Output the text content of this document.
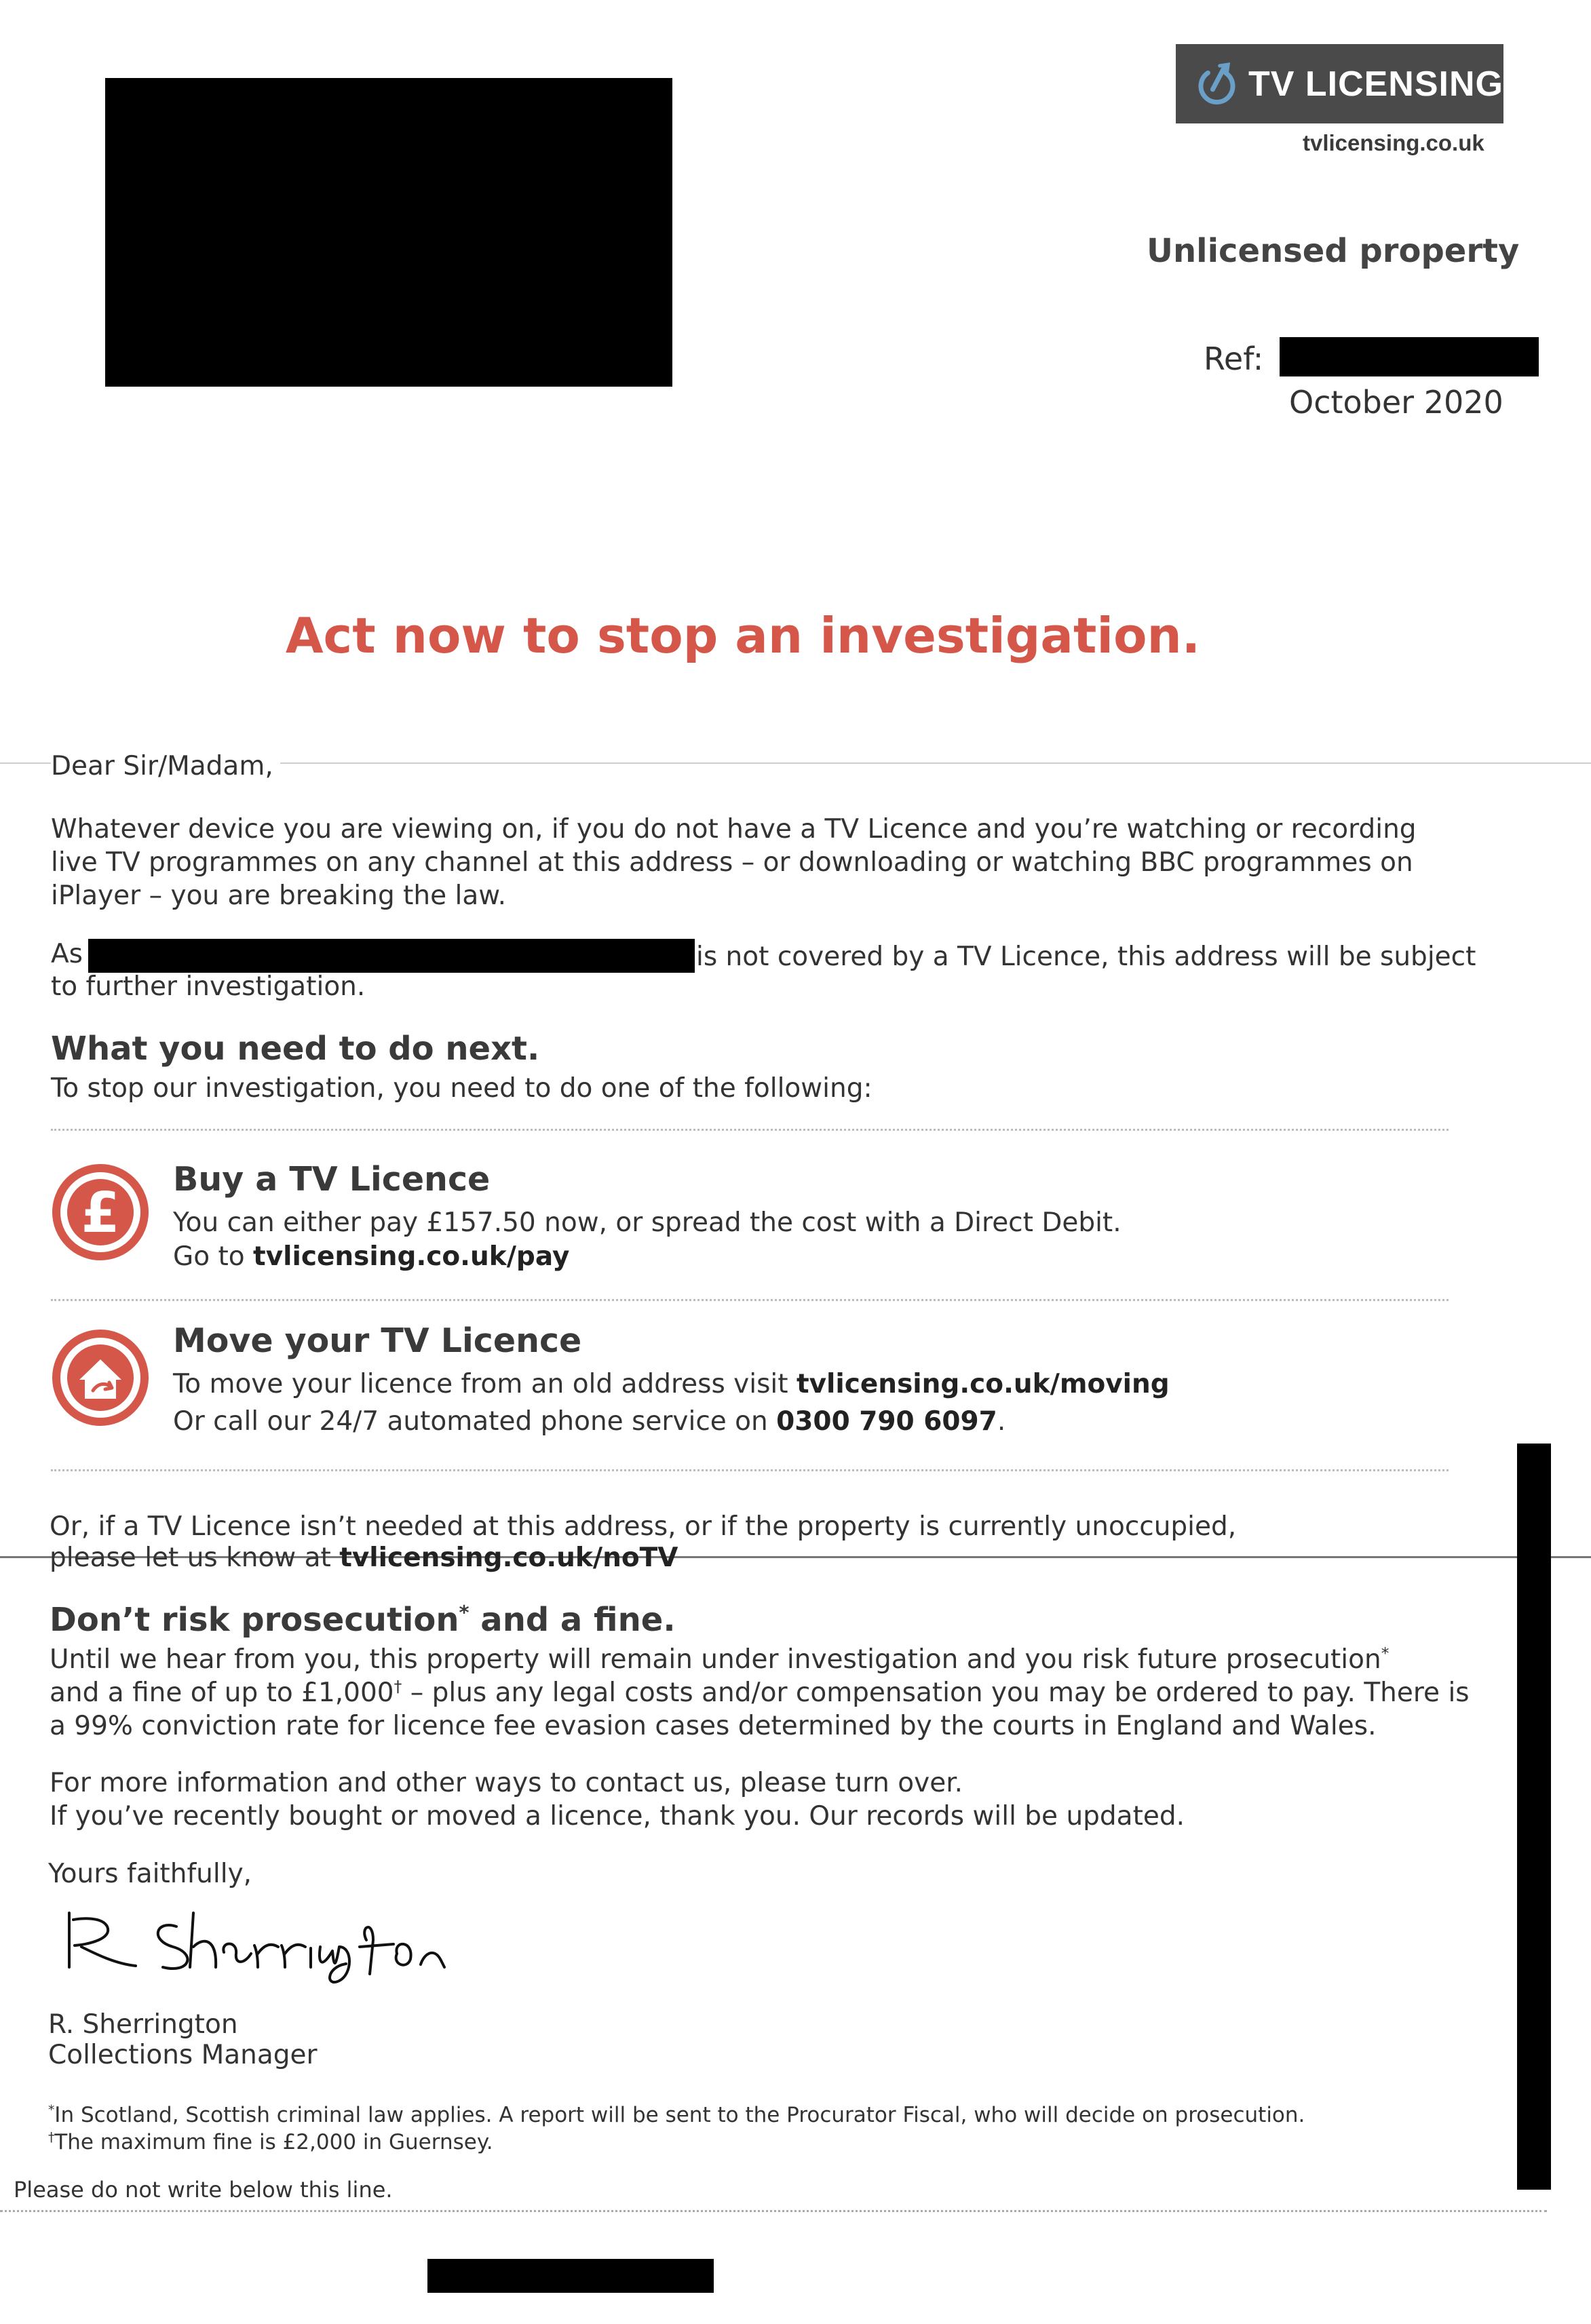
TV LICENSING
tvlicensing.co.uk
Unlicensed property
Ref:
October 2020
Act now to stop an investigation.
Dear Sir/Madam,
Whatever device you are viewing on, if you do not have a TV Licence and you’re watching or recording
live TV programmes on any channel at this address – or downloading or watching BBC programmes on
iPlayer – you are breaking the law.
As	is not covered by a TV Licence, this address will be subject
to further investigation.
What you need to do next.
To stop our investigation, you need to do one of the following:
£
Buy a TV Licence
You can either pay £157.50 now, or spread the cost with a Direct Debit.
Go to tvlicensing.co.uk/pay
Move your TV Licence
To move your licence from an old address visit tvlicensing.co.uk/moving
Or call our 24/7 automated phone service on 0300 790 6097.
Or, if a TV Licence isn’t needed at this address, or if the property is currently unoccupied,
please let us know at tvlicensing.co.uk/noTV
Don’t risk prosecution* and a fine.
Until we hear from you, this property will remain under investigation and you risk future prosecution*
and a fine of up to £1,000† – plus any legal costs and/or compensation you may be ordered to pay. There is
a 99% conviction rate for licence fee evasion cases determined by the courts in England and Wales.
For more information and other ways to contact us, please turn over.
If you’ve recently bought or moved a licence, thank you. Our records will be updated.
Yours faithfully,
R. Sherrington
Collections Manager
*In Scotland, Scottish criminal law applies. A report will be sent to the Procurator Fiscal, who will decide on prosecution.
†The maximum fine is £2,000 in Guernsey.
Please do not write below this line.
